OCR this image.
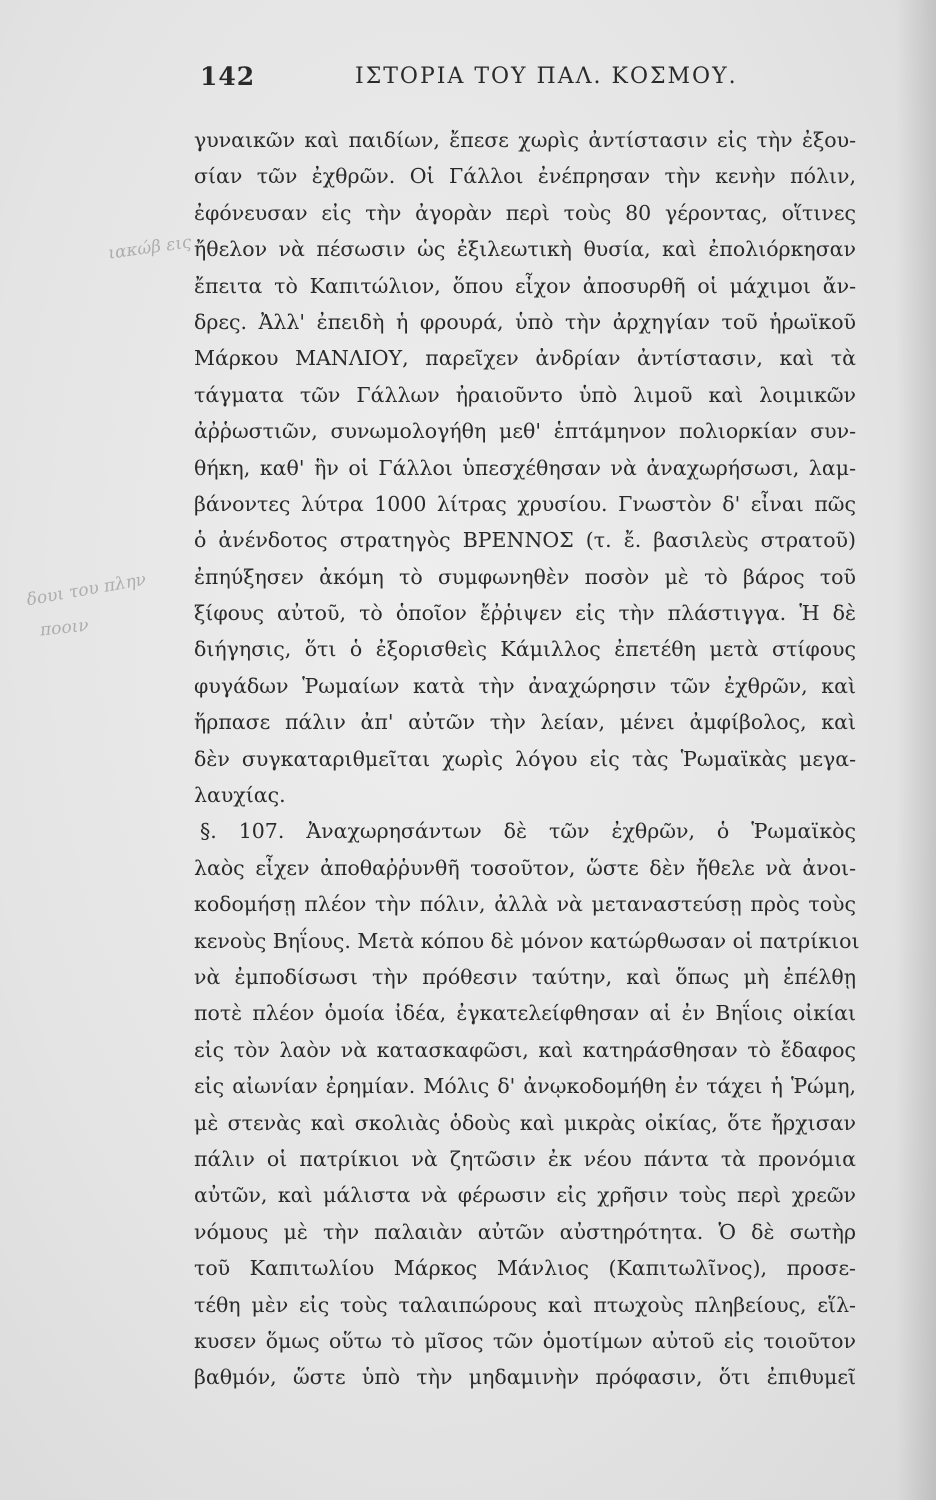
142	ΙΣΤΟΡΙΑ ΤΟΥ ΠΑΛ. ΚΟΣΜΟΥ.
ιακώβ εις
δουι του πλην
ποοιν
γυναικῶν καὶ παιδίων, ἔπεσε χωρὶς ἀντίστασιν εἰς τὴν ἐξου-
σίαν τῶν ἐχθρῶν. Οἱ Γάλλοι ἐνέπρησαν τὴν κενὴν πόλιν,
ἐφόνευσαν εἰς τὴν ἀγορὰν περὶ τοὺς 80 γέροντας, οἵτινες
ἤθελον νὰ πέσωσιν ὡς ἐξιλεωτικὴ θυσία, καὶ ἐπολιόρκησαν
ἔπειτα τὸ Καπιτώλιον, ὅπου εἶχον ἀποσυρθῆ οἱ μάχιμοι ἄν-
δρες. Ἀλλ' ἐπειδὴ ἡ φρουρά, ὑπὸ τὴν ἀρχηγίαν τοῦ ἡρωϊκοῦ
Μάρκου ΜΑΝΛΙΟΥ, παρεῖχεν ἀνδρίαν ἀντίστασιν, καὶ τὰ
τάγματα τῶν Γάλλων ἠραιοῦντο ὑπὸ λιμοῦ καὶ λοιμικῶν
ἀῤῥωστιῶν, συνωμολογήθη μεθ' ἑπτάμηνον πολιορκίαν συν-
θήκη, καθ' ἣν οἱ Γάλλοι ὑπεσχέθησαν νὰ ἀναχωρήσωσι, λαμ-
βάνοντες λύτρα 1000 λίτρας χρυσίου. Γνωστὸν δ' εἶναι πῶς
ὁ ἀνένδοτος στρατηγὸς ΒΡΕΝΝΟΣ (τ. ἔ. βασιλεὺς στρατοῦ)
ἐπηύξησεν ἀκόμη τὸ συμφωνηθὲν ποσὸν μὲ τὸ βάρος τοῦ
ξίφους αὐτοῦ, τὸ ὁποῖον ἔῤῥιψεν εἰς τὴν πλάστιγγα. Ἡ δὲ
διήγησις, ὅτι ὁ ἐξορισθεὶς Κάμιλλος ἐπετέθη μετὰ στίφους
φυγάδων Ῥωμαίων κατὰ τὴν ἀναχώρησιν τῶν ἐχθρῶν, καὶ
ἥρπασε πάλιν ἀπ' αὐτῶν τὴν λείαν, μένει ἀμφίβολος, καὶ
δὲν συγκαταριθμεῖται χωρὶς λόγου εἰς τὰς Ῥωμαϊκὰς μεγα-
λαυχίας.
§. 107. Ἀναχωρησάντων δὲ τῶν ἐχθρῶν, ὁ Ῥωμαϊκὸς
λαὸς εἶχεν ἀποθαῤῥυνθῆ τοσοῦτον, ὥστε δὲν ἤθελε νὰ ἀνοι-
κοδομήσῃ πλέον τὴν πόλιν, ἀλλὰ νὰ μεταναστεύσῃ πρὸς τοὺς
κενοὺς Βηΐους. Μετὰ κόπου δὲ μόνον κατώρθωσαν οἱ πατρίκιοι
νὰ ἐμποδίσωσι τὴν πρόθεσιν ταύτην, καὶ ὅπως μὴ ἐπέλθῃ
ποτὲ πλέον ὁμοία ἰδέα, ἐγκατελείφθησαν αἱ ἐν Βηΐοις οἰκίαι
εἰς τὸν λαὸν νὰ κατασκαφῶσι, καὶ κατηράσθησαν τὸ ἔδαφος
εἰς αἰωνίαν ἐρημίαν. Μόλις δ' ἀνῳκοδομήθη ἐν τάχει ἡ Ῥώμη,
μὲ στενὰς καὶ σκολιὰς ὁδοὺς καὶ μικρὰς οἰκίας, ὅτε ἤρχισαν
πάλιν οἱ πατρίκιοι νὰ ζητῶσιν ἐκ νέου πάντα τὰ προνόμια
αὐτῶν, καὶ μάλιστα νὰ φέρωσιν εἰς χρῆσιν τοὺς περὶ χρεῶν
νόμους μὲ τὴν παλαιὰν αὐτῶν αὐστηρότητα. Ὁ δὲ σωτὴρ
τοῦ Καπιτωλίου Μάρκος Μάνλιος (Καπιτωλῖνος), προσε-
τέθη μὲν εἰς τοὺς ταλαιπώρους καὶ πτωχοὺς πληβείους, εἵλ-
κυσεν ὅμως οὕτω τὸ μῖσος τῶν ὁμοτίμων αὐτοῦ εἰς τοιοῦτον
βαθμόν, ὥστε ὑπὸ τὴν μηδαμινὴν πρόφασιν, ὅτι ἐπιθυμεῖ
